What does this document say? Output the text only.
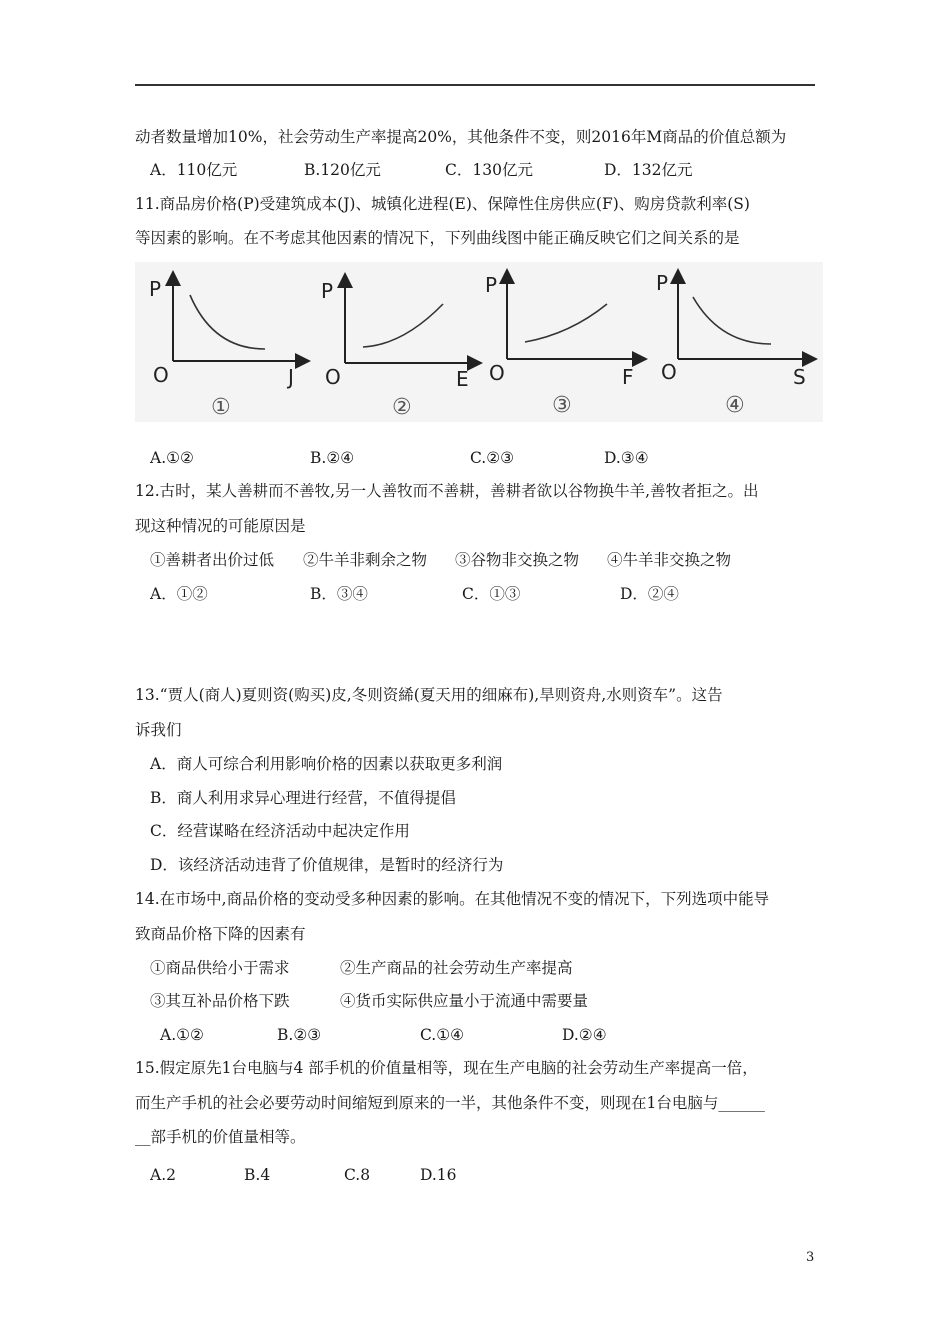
动者数量增加10%，社会劳动生产率提高20%，其他条件不变，则2016年M商品的价值总额为
A．110亿元	B.120亿元	C．130亿元	D．132亿元
11.商品房价格(P)受建筑成本(J)、城镇化进程(E)、保障性住房供应(F)、购房贷款利率(S)
等因素的影响。在不考虑其他因素的情况下，下列曲线图中能正确反映它们之间关系的是
P
O	J
①
P
O	E
②
P
O	F
③
P
O	S
④
A.①②	B.②④	C.②③	D.③④
12.古时，某人善耕而不善牧,另一人善牧而不善耕，善耕者欲以谷物换牛羊,善牧者拒之。出
现这种情况的可能原因是
①善耕者出价过低 ②牛羊非剩余之物 ③谷物非交换之物 ④牛羊非交换之物
A．①②	B．③④	C．①③	D．②④
13.“贾人(商人)夏则资(购买)皮,冬则资絺(夏天用的细麻布),旱则资舟,水则资车”。这告
诉我们
A．商人可综合利用影响价格的因素以获取更多利润
B．商人利用求异心理进行经营，不值得提倡
C．经营谋略在经济活动中起决定作用
D．该经济活动违背了价值规律，是暂时的经济行为
14.在市场中,商品价格的变动受多种因素的影响。在其他情况不变的情况下，下列选项中能导
致商品价格下降的因素有
①商品供给小于需求	②生产商品的社会劳动生产率提高
③其互补品价格下跌	④货币实际供应量小于流通中需要量
A.①②	B.②③	C.①④	D.②④
15.假定原先1台电脑与4 部手机的价值量相等，现在生产电脑的社会劳动生产率提高一倍，
而生产手机的社会必要劳动时间缩短到原来的一半，其他条件不变，则现在1台电脑与______
__部手机的价值量相等。
A.2	B.4	C.8	D.16
3
